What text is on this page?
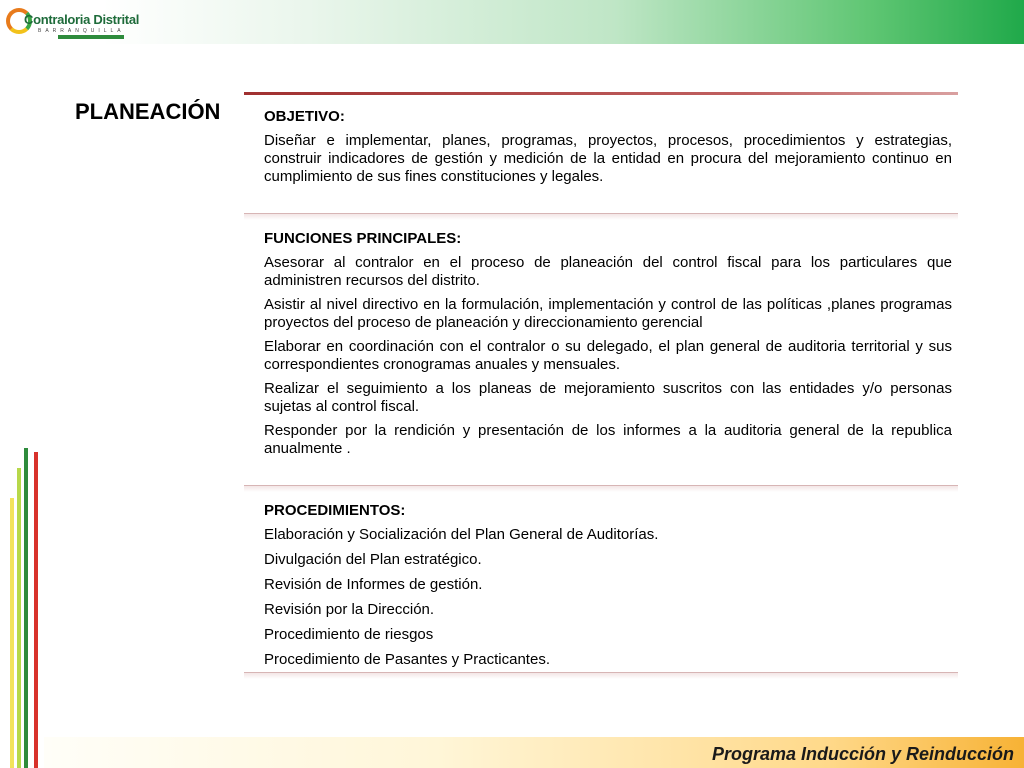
Contraloria Distrital
BARRANQUILLA
PLANEACIÓN	OBJETIVO:

Diseñar e implementar, planes, programas, proyectos, procesos, procedimientos y estrategias, construir indicadores de gestión y medición de la entidad en procura del mejoramiento continuo en cumplimiento de sus fines constituciones y legales.

FUNCIONES PRINCIPALES:

Asesorar al contralor en el proceso de planeación del control fiscal para los particulares que administren recursos del distrito.

Asistir al nivel directivo en la formulación, implementación y control de las políticas ,planes programas proyectos del proceso de planeación y direccionamiento gerencial

Elaborar en coordinación con el contralor o su delegado, el plan general de auditoria territorial y sus correspondientes cronogramas anuales y mensuales.

Realizar el seguimiento a los planeas de mejoramiento suscritos con las entidades y/o personas sujetas al control fiscal.

Responder por la rendición y presentación de los informes a la auditoria general de la republica anualmente .

PROCEDIMIENTOS:

Elaboración y Socialización del Plan General de Auditorías.

Divulgación del Plan estratégico.

Revisión de Informes de gestión.

Revisión por la Dirección.

Procedimiento de riesgos

Procedimiento de Pasantes y Practicantes.

Programa Inducción y Reinducción
